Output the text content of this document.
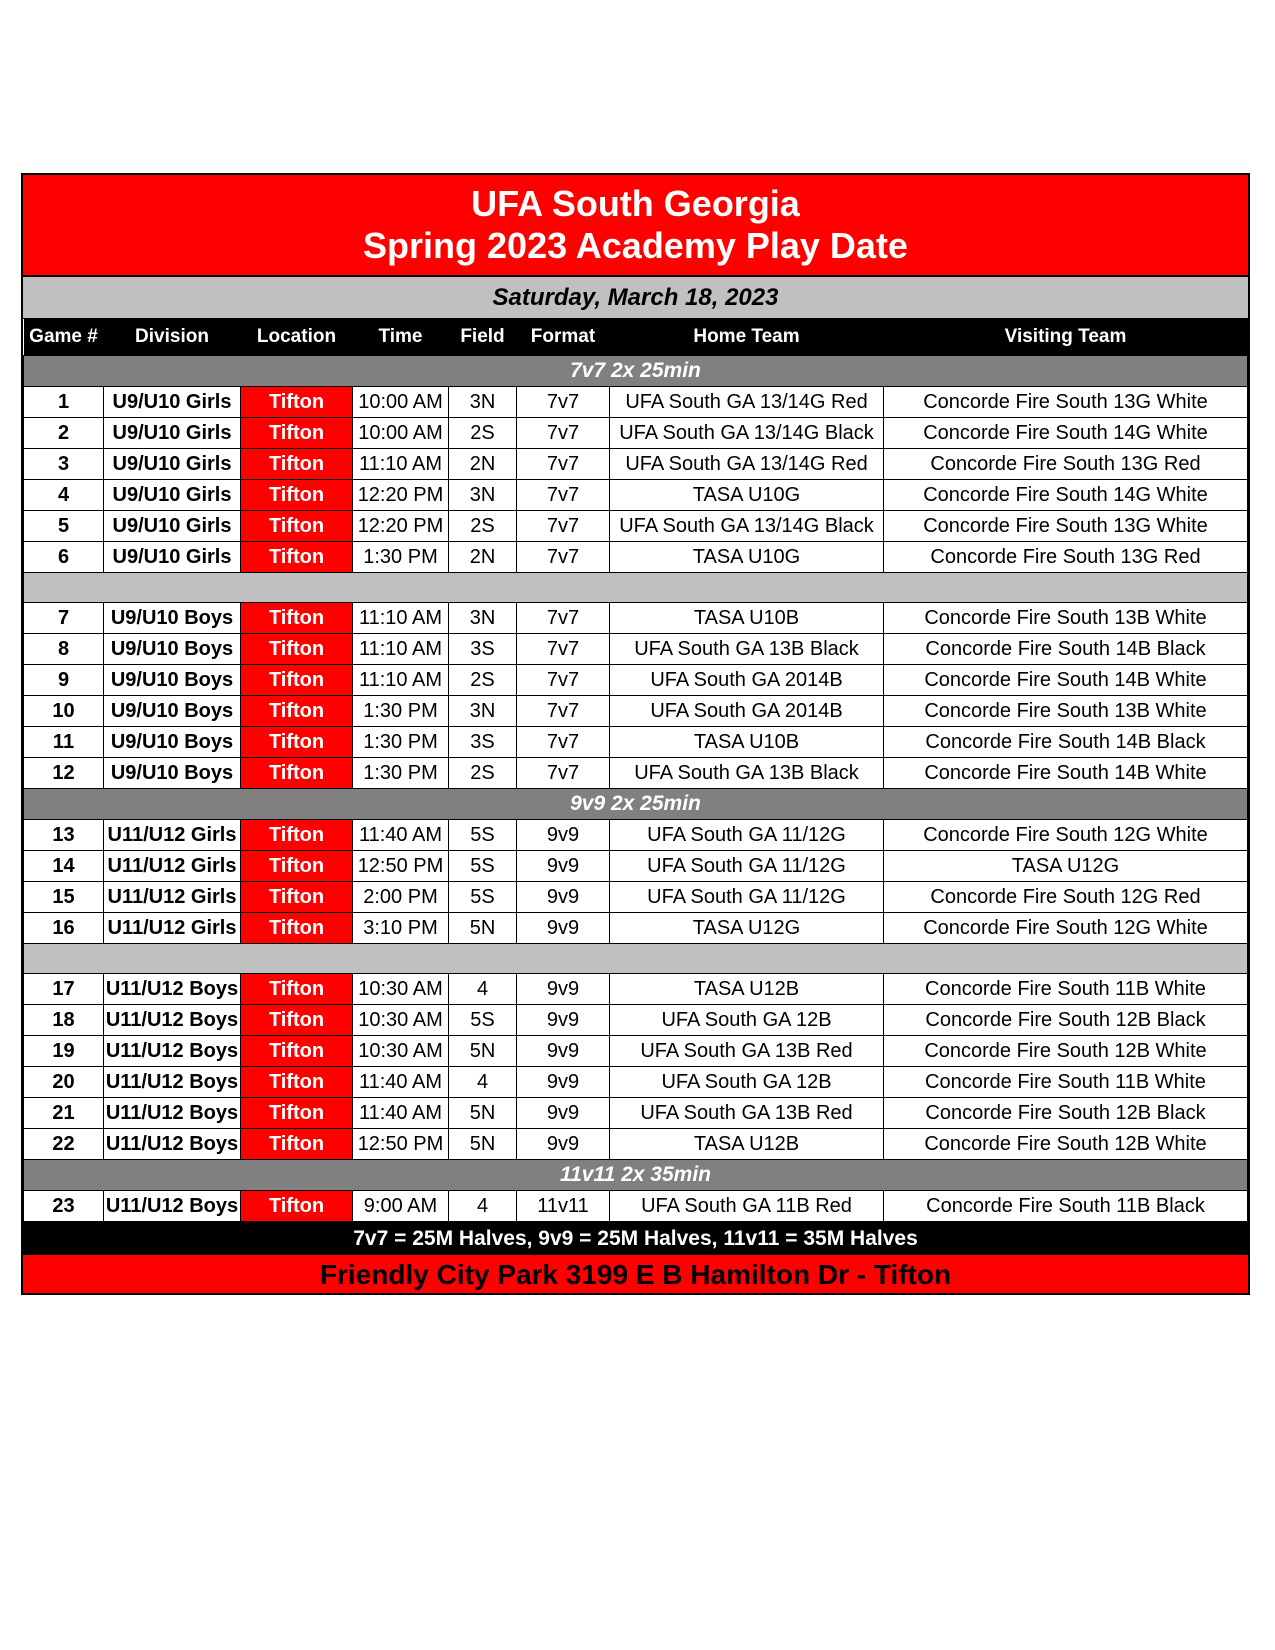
UFA South Georgia
Spring 2023 Academy Play Date
Saturday, March 18, 2023
Game #	Division	Location	Time	Field	Format	Home Team	Visiting Team
7v7 2x 25min							
1	U9/U10 Girls	Tifton	10:00 AM	3N	7v7	UFA South GA 13/14G Red	Concorde Fire South 13G White
2	U9/U10 Girls	Tifton	10:00 AM	2S	7v7	UFA South GA 13/14G Black	Concorde Fire South 14G White
3	U9/U10 Girls	Tifton	11:10 AM	2N	7v7	UFA South GA 13/14G Red	Concorde Fire South 13G Red
4	U9/U10 Girls	Tifton	12:20 PM	3N	7v7	TASA U10G	Concorde Fire South 14G White
5	U9/U10 Girls	Tifton	12:20 PM	2S	7v7	UFA South GA 13/14G Black	Concorde Fire South 13G White
6	U9/U10 Girls	Tifton	1:30 PM	2N	7v7	TASA U10G	Concorde Fire South 13G Red

7	U9/U10 Boys	Tifton	11:10 AM	3N	7v7	TASA U10B	Concorde Fire South 13B White
8	U9/U10 Boys	Tifton	11:10 AM	3S	7v7	UFA South GA 13B Black	Concorde Fire South 14B Black
9	U9/U10 Boys	Tifton	11:10 AM	2S	7v7	UFA South GA 2014B	Concorde Fire South 14B White
10	U9/U10 Boys	Tifton	1:30 PM	3N	7v7	UFA South GA 2014B	Concorde Fire South 13B White
11	U9/U10 Boys	Tifton	1:30 PM	3S	7v7	TASA U10B	Concorde Fire South 14B Black
12	U9/U10 Boys	Tifton	1:30 PM	2S	7v7	UFA South GA 13B Black	Concorde Fire South 14B White
9v9 2x 25min							
13	U11/U12 Girls	Tifton	11:40 AM	5S	9v9	UFA South GA 11/12G	Concorde Fire South 12G White
14	U11/U12 Girls	Tifton	12:50 PM	5S	9v9	UFA South GA 11/12G	TASA U12G
15	U11/U12 Girls	Tifton	2:00 PM	5S	9v9	UFA South GA 11/12G	Concorde Fire South 12G Red
16	U11/U12 Girls	Tifton	3:10 PM	5N	9v9	TASA U12G	Concorde Fire South 12G White

17	U11/U12 Boys	Tifton	10:30 AM	4	9v9	TASA U12B	Concorde Fire South 11B White
18	U11/U12 Boys	Tifton	10:30 AM	5S	9v9	UFA South GA 12B	Concorde Fire South 12B Black
19	U11/U12 Boys	Tifton	10:30 AM	5N	9v9	UFA South GA 13B Red	Concorde Fire South 12B White
20	U11/U12 Boys	Tifton	11:40 AM	4	9v9	UFA South GA 12B	Concorde Fire South 11B White
21	U11/U12 Boys	Tifton	11:40 AM	5N	9v9	UFA South GA 13B Red	Concorde Fire South 12B Black
22	U11/U12 Boys	Tifton	12:50 PM	5N	9v9	TASA U12B	Concorde Fire South 12B White
11v11 2x 35min							
23	U11/U12 Boys	Tifton	9:00 AM	4	11v11	UFA South GA 11B Red	Concorde Fire South 11B Black
7v7 = 25M Halves, 9v9 = 25M Halves, 11v11 = 35M Halves
Friendly City Park 3199 E B Hamilton Dr - Tifton
